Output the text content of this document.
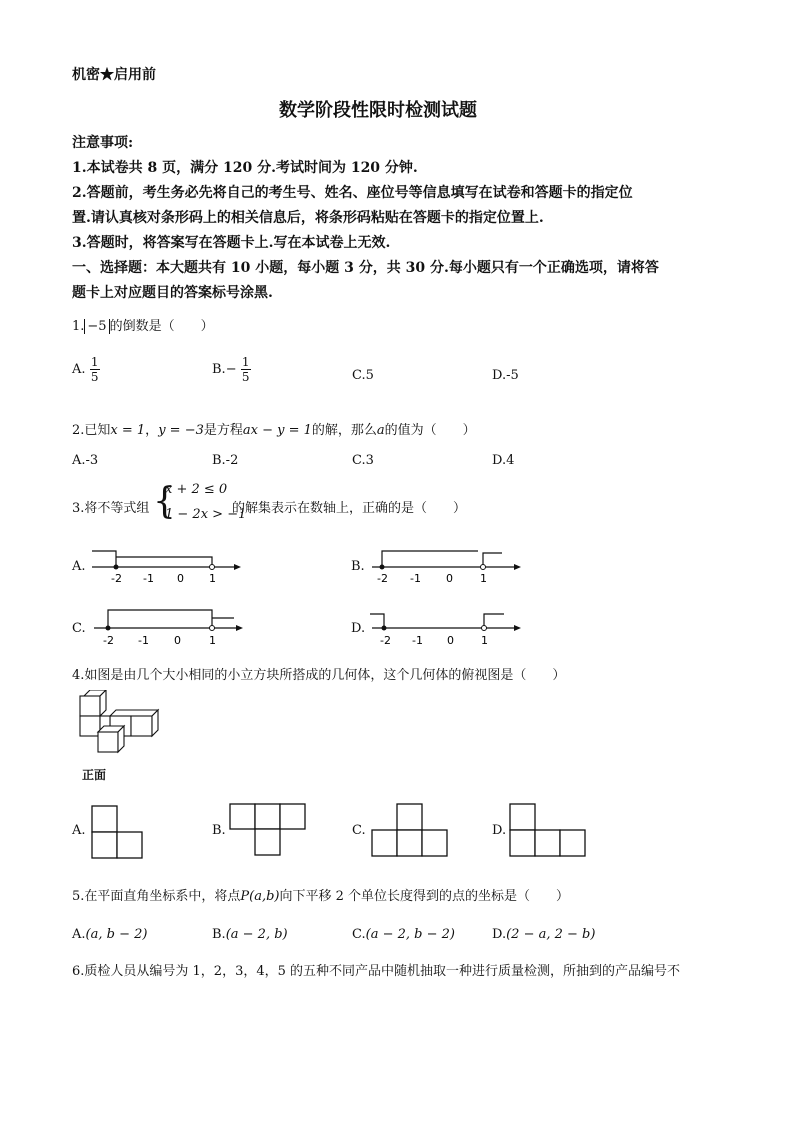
机密★启用前
数学阶段性限时检测试题
注意事项:
1.本试卷共 8 页，满分 120 分.考试时间为 120 分钟.
2.答题前，考生务必先将自己的考生号、姓名、座位号等信息填写在试卷和答题卡的指定位
置.请认真核对条形码上的相关信息后，将条形码粘贴在答题卡的指定位置上.
3.答题时，将答案写在答题卡上.写在本试卷上无效.
一、选择题：本大题共有 10 小题，每小题 3 分，共 30 分.每小题只有一个正确选项，请将答
题卡上对应题目的答案标号涂黑.
1. −5 的倒数是（　　）
A. $\frac{1}{5}$	$B.- \frac{1}{5}$	C.5	D.-5
2.已知x = 1，y = −3是方程ax − y = 1的解，那么a的值为（　　）
A.-3	B.-2	C.3	D.4
3.将不等式组 {
x + 2 ≤ 0
1 − 2x > −1
的解集表示在数轴上，正确的是（　　）
A.
-2 -1 0 1
B.
-2 -1 0 1
C.
-2 -1 0	1
D.
-2 -1 0 1
4.如图是由几个大小相同的小立方块所搭成的几何体，这个几何体的俯视图是（　　）
正面
A.	B.	C.	D.
5.在平面直角坐标系中，将点P(a,b)向下平移 2 个单位长度得到的点的坐标是（　　）
A.(a, b − 2)	B.(a − 2, b)	C.(a − 2, b − 2)	D.(2 − a, 2 − b)
6.质检人员从编号为 1，2，3，4，5 的五种不同产品中随机抽取一种进行质量检测，所抽到的产品编号不
